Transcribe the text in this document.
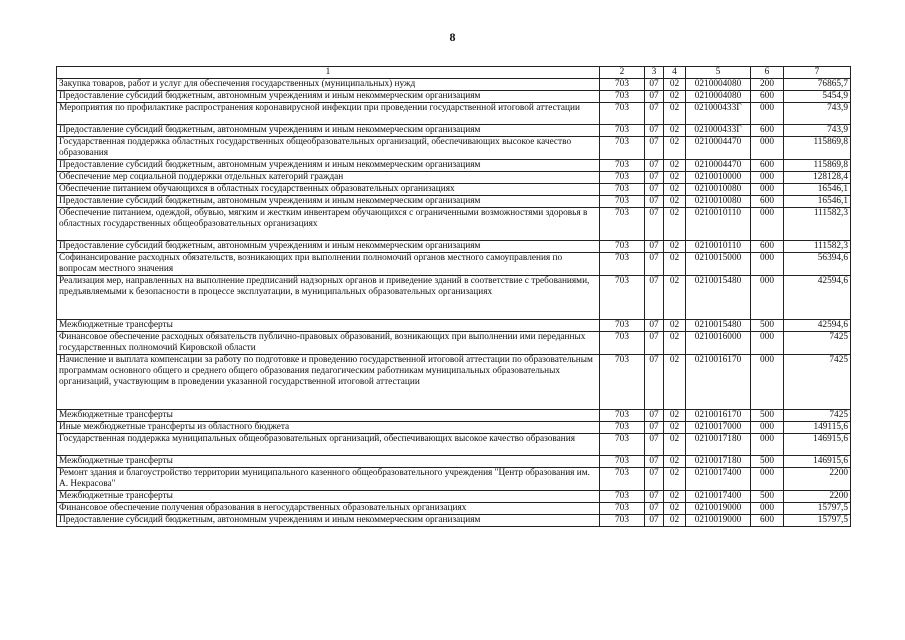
8
1	2	3	4	5	6	7
Закупка товаров, работ и услуг для обеспечения государственных (муниципальных) нужд	703	07	02	0210004080	200	76865,7
Предоставление субсидий бюджетным, автономным учреждениям и иным некоммерческим организациям	703	07	02	0210004080	600	5454,9
Мероприятия по профилактике распространения коронавирусной инфекции при проведении государственной итоговой аттестации	703	07	02	021000433Г	000	743,9
Предоставление субсидий бюджетным, автономным учреждениям и иным некоммерческим организациям	703	07	02	021000433Г	600	743,9
Государственная поддержка областных государственных общеобразовательных организаций, обеспечивающих высокое качество образования	703	07	02	0210004470	000	115869,8
Предоставление субсидий бюджетным, автономным учреждениям и иным некоммерческим организациям	703	07	02	0210004470	600	115869,8
Обеспечение мер социальной поддержки отдельных категорий граждан	703	07	02	0210010000	000	128128,4
Обеспечение питанием обучающихся в областных государственных образовательных организациях	703	07	02	0210010080	000	16546,1
Предоставление субсидий бюджетным, автономным учреждениям и иным некоммерческим организациям	703	07	02	0210010080	600	16546,1
Обеспечение питанием, одеждой, обувью, мягким и жестким инвентарем обучающихся с ограниченными возможностями здоровья в областных государственных общеобразовательных организациях	703	07	02	0210010110	000	111582,3
Предоставление субсидий бюджетным, автономным учреждениям и иным некоммерческим организациям	703	07	02	0210010110	600	111582,3
Софинансирование расходных обязательств, возникающих при выполнении полномочий органов местного самоуправления по вопросам местного значения	703	07	02	0210015000	000	56394,6
Реализация мер, направленных на выполнение предписаний надзорных органов и приведение зданий в соответствие с требованиями, предъявляемыми к безопасности в процессе эксплуатации, в муниципальных образовательных организациях	703	07	02	0210015480	000	42594,6
Межбюджетные трансферты	703	07	02	0210015480	500	42594,6
Финансовое обеспечение расходных обязательств публично-правовых образований, возникающих при выполнении ими переданных государственных полномочий Кировской области	703	07	02	0210016000	000	7425
Начисление и выплата компенсации за работу по подготовке и проведению государственной итоговой аттестации по образовательным программам основного общего и среднего общего образования педагогическим работникам муниципальных образовательных организаций, участвующим в проведении указанной государственной итоговой аттестации	703	07	02	0210016170	000	7425
Межбюджетные трансферты	703	07	02	0210016170	500	7425
Иные межбюджетные трансферты из областного бюджета	703	07	02	0210017000	000	149115,6
Государственная поддержка муниципальных общеобразовательных организаций, обеспечивающих высокое качество образования	703	07	02	0210017180	000	146915,6
Межбюджетные трансферты	703	07	02	0210017180	500	146915,6
Ремонт здания и благоустройство территории муниципального казенного общеобразовательного учреждения "Центр образования им. А. Некрасова"	703	07	02	0210017400	000	2200
Межбюджетные трансферты	703	07	02	0210017400	500	2200
Финансовое обеспечение получения образования в негосударственных образовательных организациях	703	07	02	0210019000	000	15797,5
Предоставление субсидий бюджетным, автономным учреждениям и иным некоммерческим организациям	703	07	02	0210019000	600	15797,5
